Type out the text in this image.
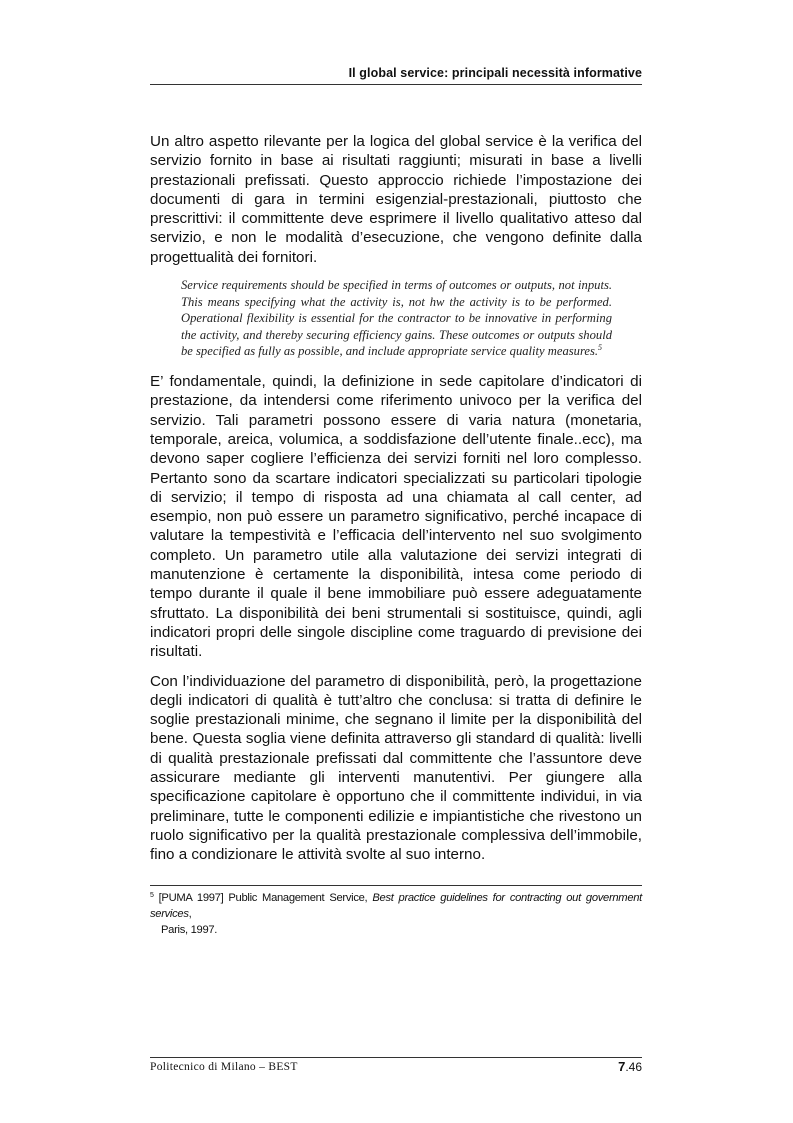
Il global service: principali necessità informative

Un altro aspetto rilevante per la logica del global service è la verifica del servizio fornito in base ai risultati raggiunti; misurati in base a livelli prestazionali prefissati. Questo approccio richiede l’impostazione dei documenti di gara in termini esigenzial-prestazionali, piuttosto che prescrittivi: il committente deve esprimere il livello qualitativo atteso dal servizio, e non le modalità d’esecuzione, che vengono definite dalla progettualità dei fornitori.

Service requirements should be specified in terms of outcomes or outputs, not inputs. This means specifying what the activity is, not hw the activity is to be performed. Operational flexibility is essential for the contractor to be innovative in performing the activity, and thereby securing efficiency gains. These outcomes or outputs should be specified as fully as possible, and include appropriate service quality measures.$^5$

E’ fondamentale, quindi, la definizione in sede capitolare d’indicatori di prestazione, da intendersi come riferimento univoco per la verifica del servizio. Tali parametri possono essere di varia natura (monetaria, temporale, areica, volumica, a soddisfazione dell’utente finale..ecc), ma devono saper cogliere l’efficienza dei servizi forniti nel loro complesso. Pertanto sono da scartare indicatori specializzati su particolari tipologie di servizio; il tempo di risposta ad una chiamata al call center, ad esempio, non può essere un parametro significativo, perché incapace di valutare la tempestività e l’efficacia dell’intervento nel suo svolgimento completo. Un parametro utile alla valutazione dei servizi integrati di manutenzione è certamente la disponibilità, intesa come periodo di tempo durante il quale il bene immobiliare può essere adeguatamente sfruttato. La disponibilità dei beni strumentali si sostituisce, quindi, agli indicatori propri delle singole discipline come traguardo di previsione dei risultati.

Con l’individuazione del parametro di disponibilità, però, la progettazione degli indicatori di qualità è tutt’altro che conclusa: si tratta di definire le soglie prestazionali minime, che segnano il limite per la disponibilità del bene. Questa soglia viene definita attraverso gli standard di qualità: livelli di qualità prestazionale prefissati dal committente che l’assuntore deve assicurare mediante gli interventi manutentivi. Per giungere alla specificazione capitolare è opportuno che il committente individui, in via preliminare, tutte le componenti edilizie e impiantistiche che rivestono un ruolo significativo per la qualità prestazionale complessiva dell’immobile, fino a condizionare le attività svolte al suo interno.

$^5$ [PUMA 1997] Public Management Service, Best practice guidelines for contracting out government services,
Paris, 1997.
Politecnico di Milano – BEST	7.46
